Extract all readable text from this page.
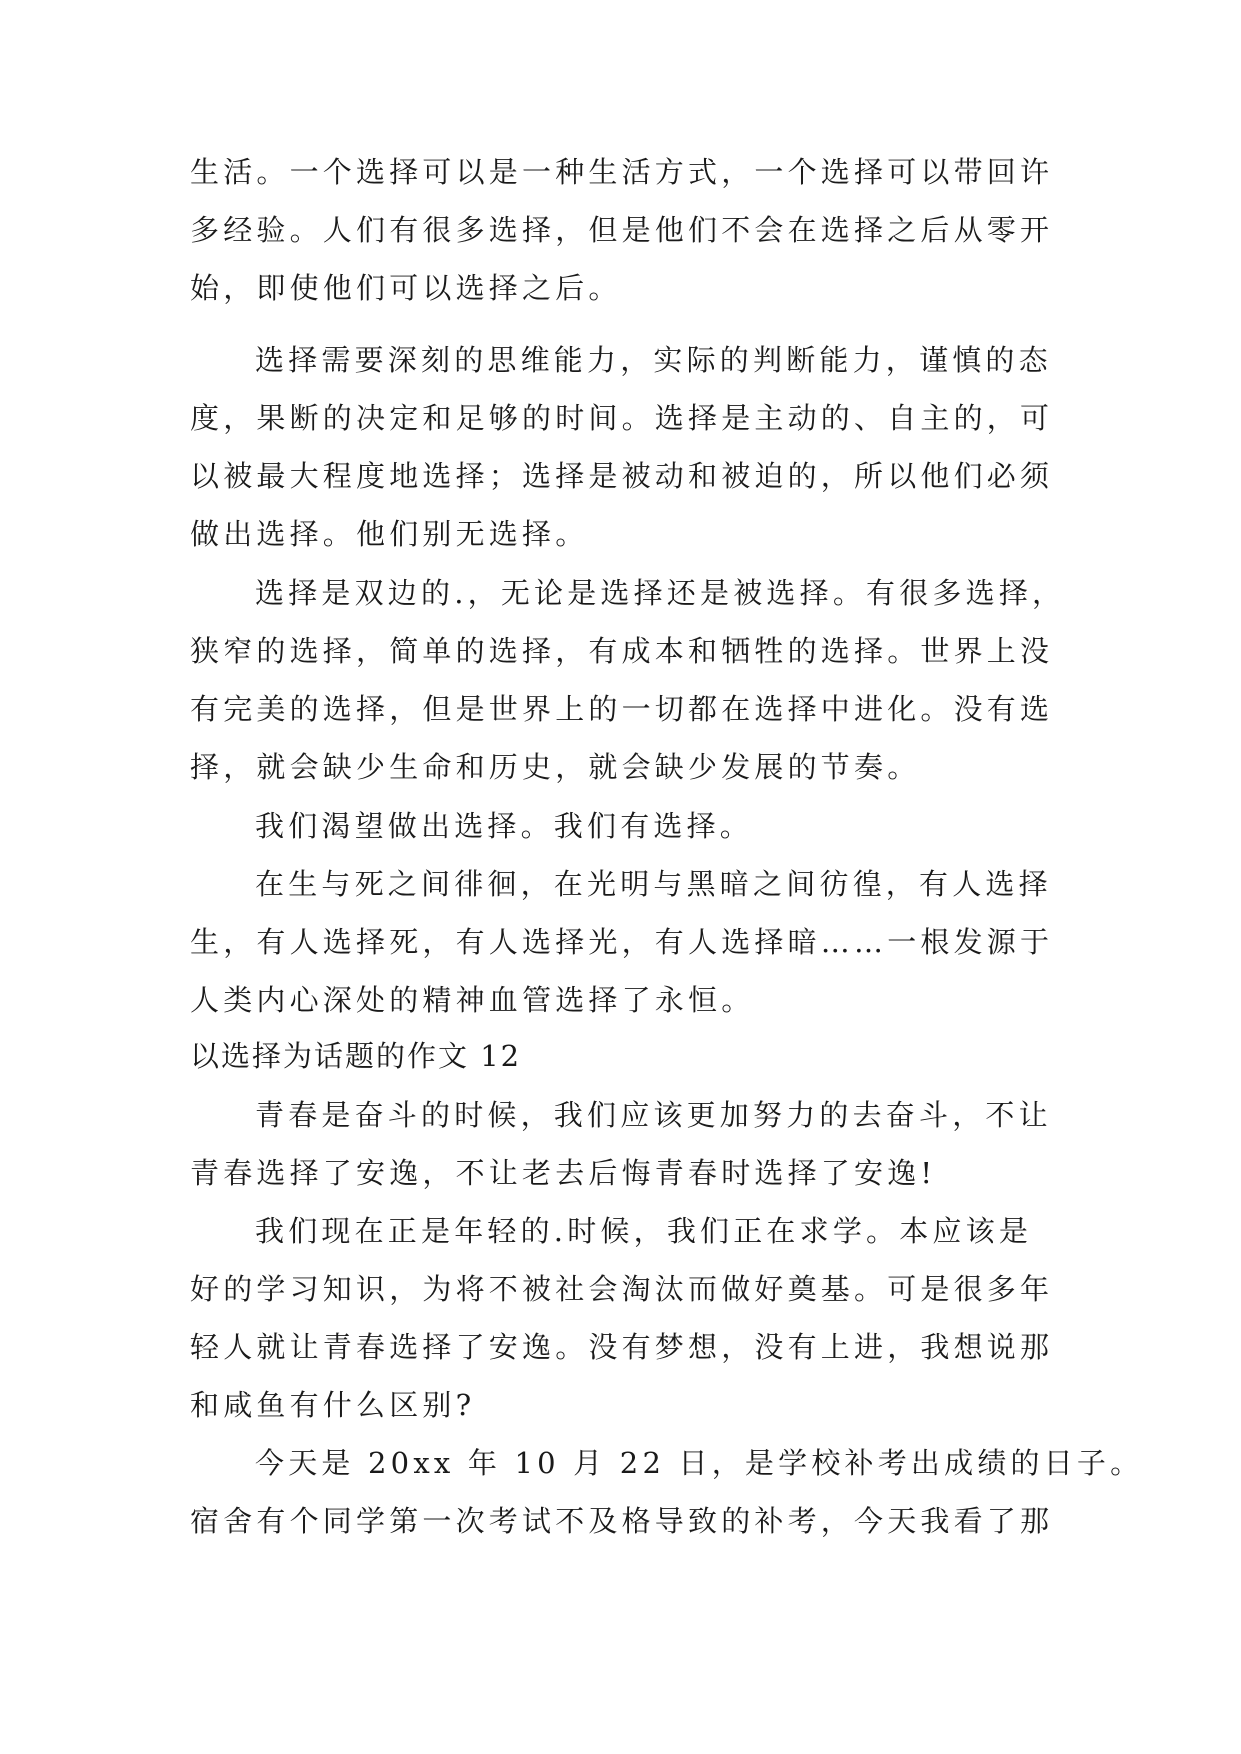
生活。一个选择可以是一种生活方式，一个选择可以带回许
多经验。人们有很多选择，但是他们不会在选择之后从零开
始，即使他们可以选择之后。
选择需要深刻的思维能力，实际的判断能力，谨慎的态
度，果断的决定和足够的时间。选择是主动的、自主的，可
以被最大程度地选择；选择是被动和被迫的，所以他们必须
做出选择。他们别无选择。
选择是双边的.，无论是选择还是被选择。有很多选择，
狭窄的选择，简单的选择，有成本和牺牲的选择。世界上没
有完美的选择，但是世界上的一切都在选择中进化。没有选
择，就会缺少生命和历史，就会缺少发展的节奏。
我们渴望做出选择。我们有选择。
在生与死之间徘徊，在光明与黑暗之间彷徨，有人选择
生，有人选择死，有人选择光，有人选择暗……一根发源于
人类内心深处的精神血管选择了永恒。
以选择为话题的作文 12
青春是奋斗的时候，我们应该更加努力的去奋斗，不让
青春选择了安逸，不让老去后悔青春时选择了安逸!
我们现在正是年轻的.时候，我们正在求学。本应该是
好的学习知识，为将不被社会淘汰而做好奠基。可是很多年
轻人就让青春选择了安逸。没有梦想，没有上进，我想说那
和咸鱼有什么区别?
今天是 20xx 年 10 月 22 日，是学校补考出成绩的日子。
宿舍有个同学第一次考试不及格导致的补考，今天我看了那
